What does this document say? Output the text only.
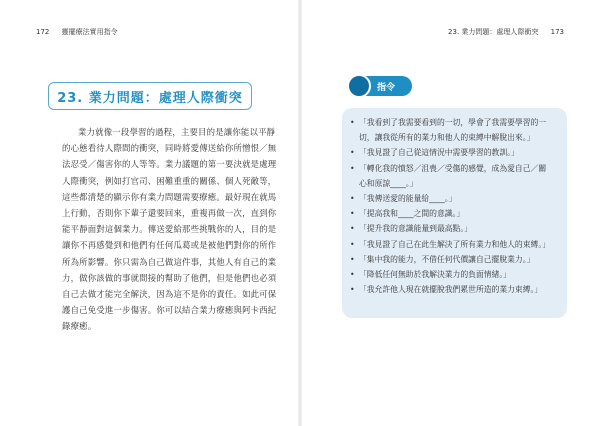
172 靈擺療法實用指令	23. 業力問題：處理人際衝突 173
23. 業力問題：處理人際衝突
業力就像一段學習的過程，主要目的是讓你能以平靜
的心態看待人際間的衝突，同時將愛傳送給你所憎恨／無
法忍受／傷害你的人等等。業力議題的第一要決就是處理
人際衝突，例如打官司、困難重重的關係、個人死敵等，
這些都清楚的顯示你有業力問題需要療癒。最好現在就馬
上行動，否則你下輩子還要回來，重複再做一次，直到你
能平靜面對這個業力。傳送愛給那些挑戰你的人，目的是
讓你不再感覺到和他們有任何瓜葛或是被他們對你的所作
所為所影響。你只需為自己做這件事，其他人有自己的業
力，做你該做的事就間接的幫助了他們，但是他們也必須
自己去做才能完全解決，因為這不是你的責任。如此可保
護自己免受進一步傷害。你可以結合業力療癒與阿卡西紀
錄療癒。
指令
• 「我看到了我需要看到的一切，學會了我需要學習的一
切，讓我從所有的業力和他人的束縛中解脫出來。」
• 「我見證了自己從這情況中需要學習的教訓。」
• 「轉化我的憤怒／沮喪／受傷的感覺，成為愛自己／關
心和原諒____。」
• 「我傳送愛的能量給____。」
• 「提高我和____之間的意識。」
• 「提升我的意識能量到最高點。」
• 「我見證了自己在此生解決了所有業力和他人的束縛。」
• 「集中我的能力，不借任何代價讓自己擺脫業力。」
• 「降低任何無助於我解決業力的負面情緒。」
• 「我允許他人現在就擺脫我們累世所造的業力束縛。」
